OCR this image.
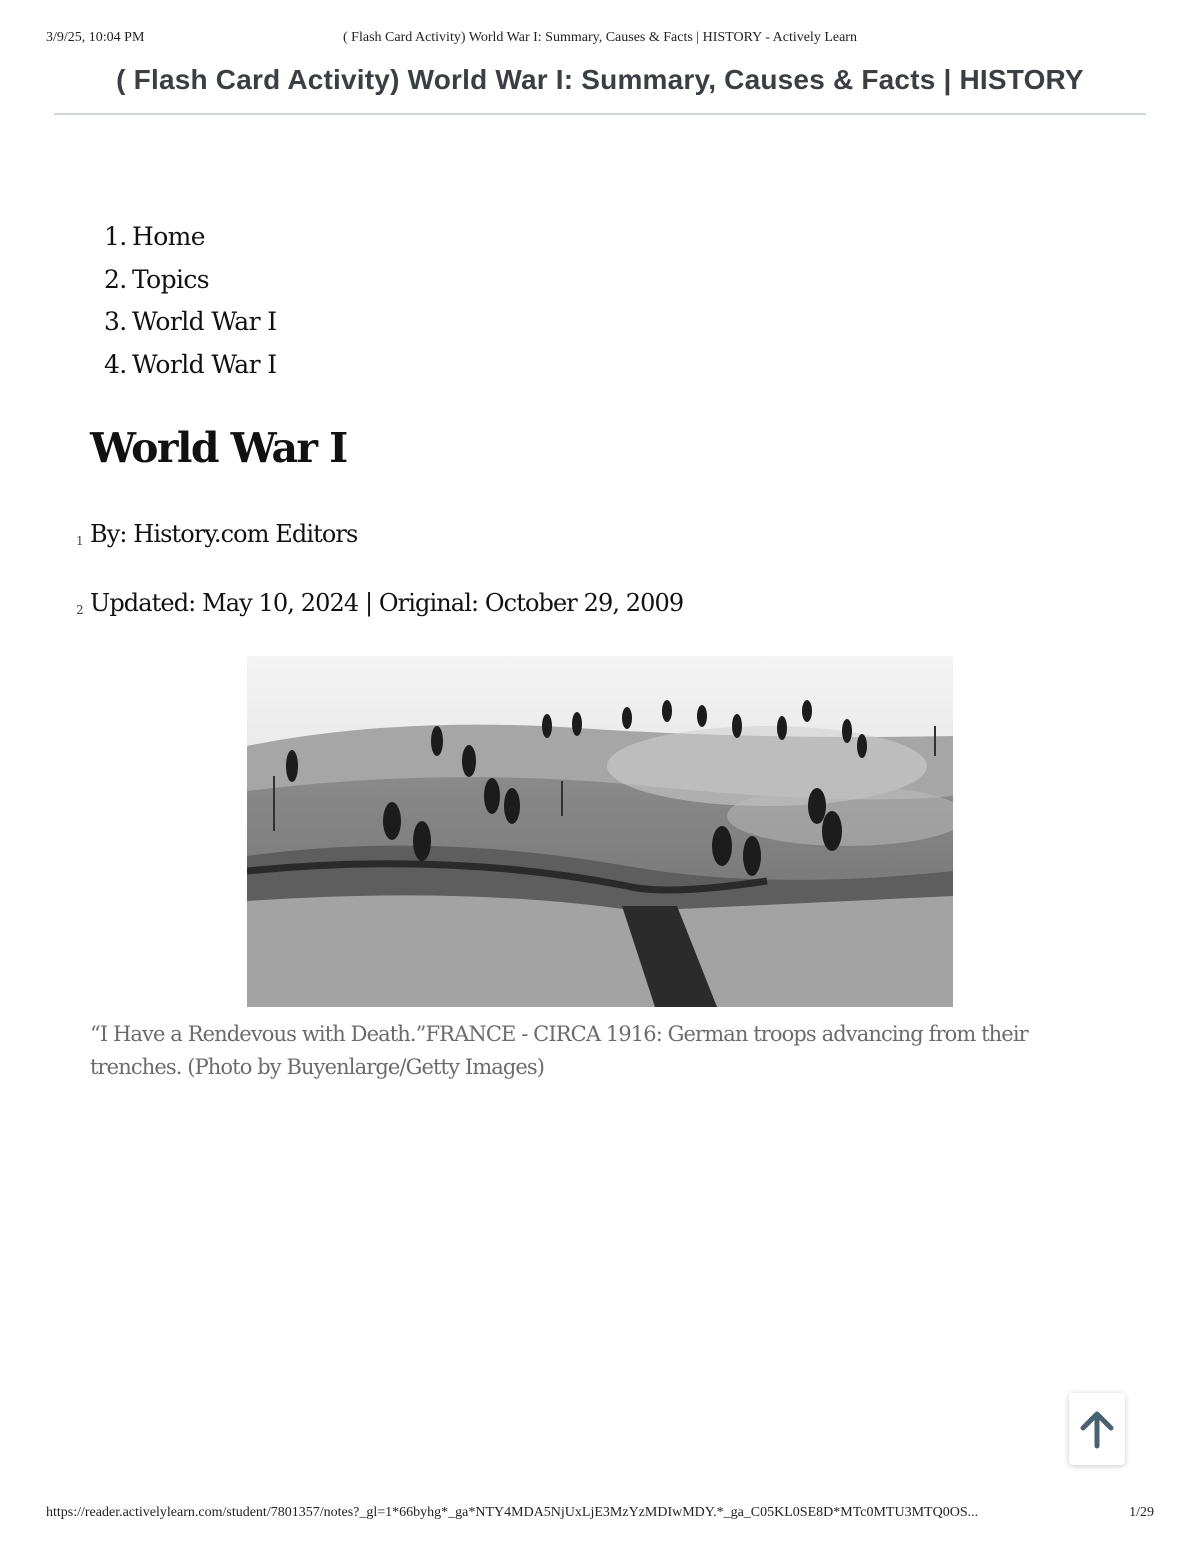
3/9/25, 10:04 PM	( Flash Card Activity) World War I: Summary, Causes & Facts | HISTORY - Actively Learn
( Flash Card Activity) World War I: Summary, Causes & Facts | HISTORY
1. Home
2. Topics
3. World War I
4. World War I
World War I
1 By: History.com Editors
2 Updated: May 10, 2024 | Original: October 29, 2009
“I Have a Rendevous with Death.”FRANCE - CIRCA 1916: German troops advancing from their trenches. (Photo by Buyenlarge/Getty Images)
https://reader.activelylearn.com/student/7801357/notes?_gl=1*66byhg*_ga*NTY4MDA5NjUxLjE3MzYzMDIwMDY.*_ga_C05KL0SE8D*MTc0MTU3MTQ0OS...	1/29
